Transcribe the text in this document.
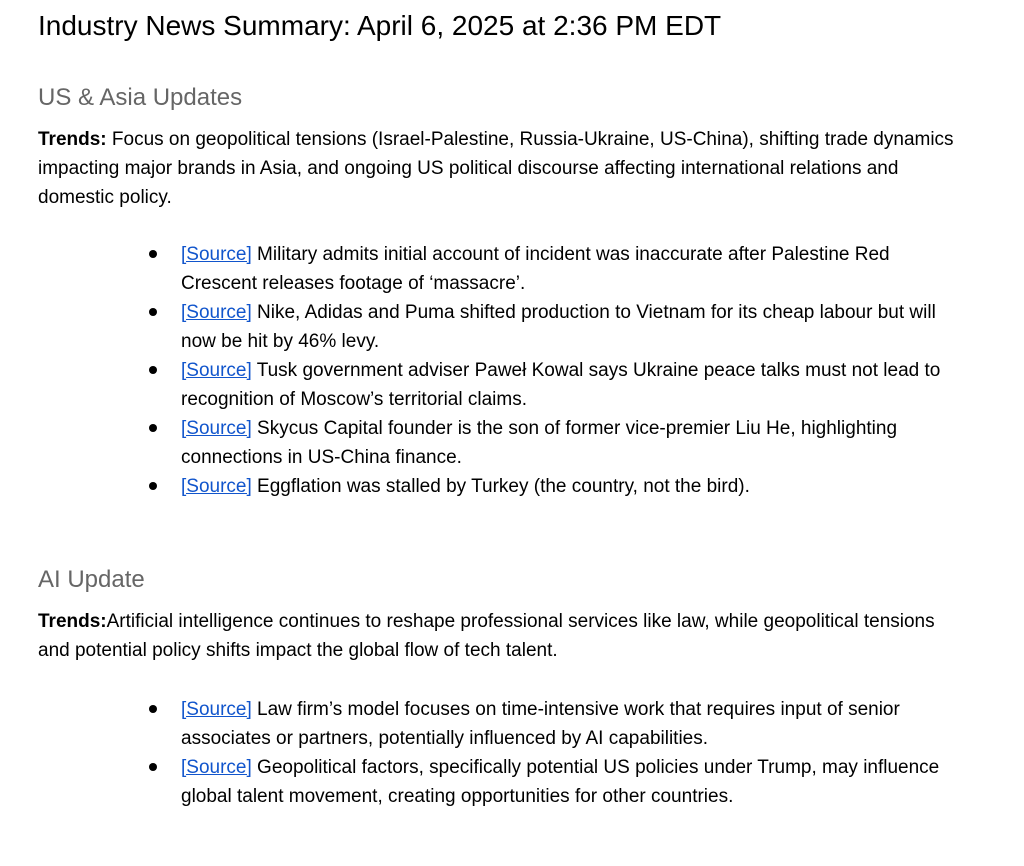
Industry News Summary: April 6, 2025 at 2:36 PM EDT
US & Asia Updates

Trends: Focus on geopolitical tensions (Israel-Palestine, Russia-Ukraine, US-China), shifting trade dynamics impacting major brands in Asia, and ongoing US political discourse affecting international relations and domestic policy.

[Source] Military admits initial account of incident was inaccurate after Palestine Red Crescent releases footage of ‘massacre’.
[Source] Nike, Adidas and Puma shifted production to Vietnam for its cheap labour but will now be hit by 46% levy.
[Source] Tusk government adviser Paweł Kowal says Ukraine peace talks must not lead to recognition of Moscow’s territorial claims.
[Source] Skycus Capital founder is the son of former vice-premier Liu He, highlighting connections in US-China finance.
[Source] Eggflation was stalled by Turkey (the country, not the bird).
AI Update

Trends:Artificial intelligence continues to reshape professional services like law, while geopolitical tensions and potential policy shifts impact the global flow of tech talent.

[Source] Law firm’s model focuses on time-intensive work that requires input of senior associates or partners, potentially influenced by AI capabilities.
[Source] Geopolitical factors, specifically potential US policies under Trump, may influence global talent movement, creating opportunities for other countries.
